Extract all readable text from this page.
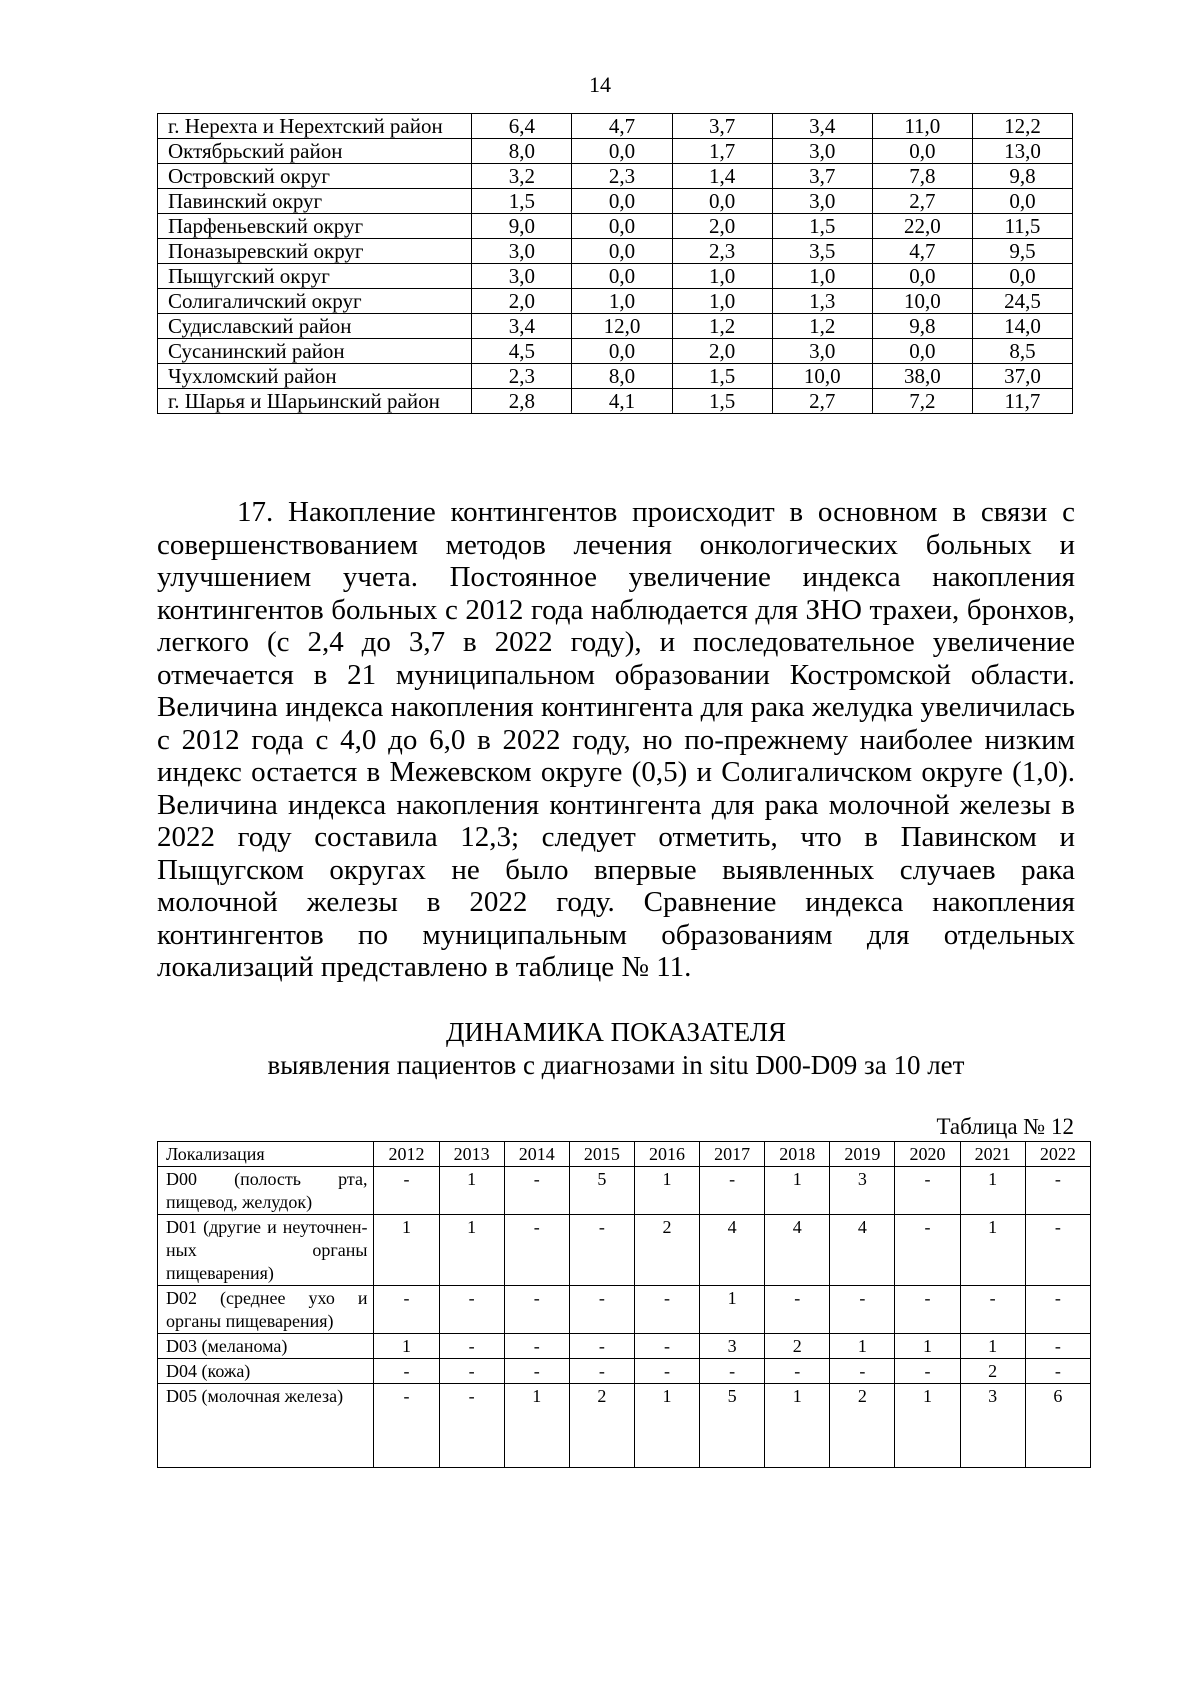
14
г. Нерехта и Нерехтский район	6,4	4,7	3,7	3,4	11,0	12,2
Октябрьский район	8,0	0,0	1,7	3,0	0,0	13,0
Островский округ	3,2	2,3	1,4	3,7	7,8	9,8
Павинский округ	1,5	0,0	0,0	3,0	2,7	0,0
Парфеньевский округ	9,0	0,0	2,0	1,5	22,0	11,5
Поназыревский округ	3,0	0,0	2,3	3,5	4,7	9,5
Пыщугский округ	3,0	0,0	1,0	1,0	0,0	0,0
Солигаличский округ	2,0	1,0	1,0	1,3	10,0	24,5
Судиславский район	3,4	12,0	1,2	1,2	9,8	14,0
Сусанинский район	4,5	0,0	2,0	3,0	0,0	8,5
Чухломский район	2,3	8,0	1,5	10,0	38,0	37,0
г. Шарья и Шарьинский район	2,8	4,1	1,5	2,7	7,2	11,7

17. Накопление контингентов происходит в основном в связи с совершенствованием методов лечения онкологических больных и улучшением учета. Постоянное увеличение индекса накопления контингентов больных с 2012 года наблюдается для ЗНО трахеи, бронхов, легкого (с 2,4 до 3,7 в 2022 году), и последовательное увеличение отмечается в 21 муниципальном образовании Костромской области. Величина индекса накопления контингента для рака желудка увеличилась с 2012 года с 4,0 до 6,0 в 2022 году, но по-прежнему наиболее низким индекс остается в Межевском округе (0,5) и Солигаличском округе (1,0). Величина индекса накопления контингента для рака молочной железы в 2022 году составила 12,3; следует отметить, что в Павинском и Пыщугском округах не было впервые выявленных случаев рака молочной железы в 2022 году. Сравнение индекса накопления контингентов по муниципальным образованиям для отдельных локализаций представлено в таблице № 11.

ДИНАМИКА ПОКАЗАТЕЛЯ
выявления пациентов с диагнозами in situ D00-D09 за 10 лет
Таблица № 12
Локализация	2012	2013	2014	2015	2016	2017	2018	2019	2020	2021	2022
D00 (полость рта, пищевод, желудок)	-	1	-	5	1	-	1	3	-	1	-
D01 (другие и неуточнен-ных органы пищеварения)	1	1	-	-	2	4	4	4	-	1	-
D02 (среднее ухо и органы пищеварения)	-	-	-	-	-	1	-	-	-	-	-
D03 (меланома)	1	-	-	-	-	3	2	1	1	1	-
D04 (кожа)	-	-	-	-	-	-	-	-	-	2	-
D05 (молочная железа)	-	-	1	2	1	5	1	2	1	3	6
